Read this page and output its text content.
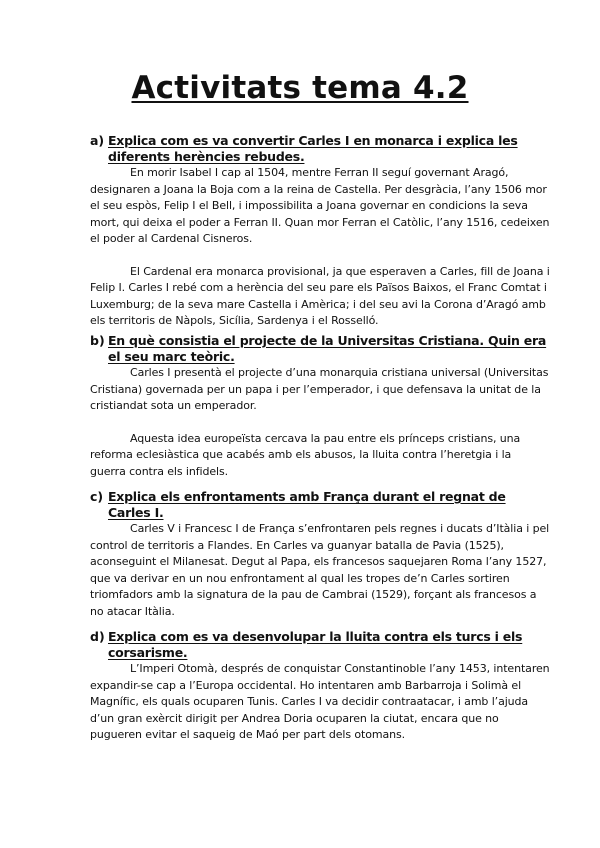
Activitats tema 4.2
a) Explica com es va convertir Carles I en monarca i explica les diferents herències rebudes.

En morir Isabel I cap al 1504, mentre Ferran II seguí governant Aragó, designaren a Joana la Boja com a la reina de Castella. Per desgràcia, l’any 1506 mor el seu espòs, Felip I el Bell, i impossibilita a Joana governar en condicions la seva mort, qui deixa el poder a Ferran II. Quan mor Ferran el Catòlic, l’any 1516, cedeixen el poder al Cardenal Cisneros.

El Cardenal era monarca provisional, ja que esperaven a Carles, fill de Joana i Felip I. Carles I rebé com a herència del seu pare els Països Baixos, el Franc Comtat i Luxemburg; de la seva mare Castella i Amèrica; i del seu avi la Corona d’Aragó amb els territoris de Nàpols, Sicília, Sardenya i el Rosselló.

b) En què consistia el projecte de la Universitas Cristiana. Quin era el seu marc teòric.

Carles I presentà el projecte d’una monarquia cristiana universal (Universitas Cristiana) governada per un papa i per l’emperador, i que defensava la unitat de la cristiandat sota un emperador.

Aquesta idea europeïsta cercava la pau entre els prínceps cristians, una reforma eclesiàstica que acabés amb els abusos, la lluita contra l’heretgia i la guerra contra els infidels.

c) Explica els enfrontaments amb França durant el regnat de Carles I.

Carles V i Francesc I de França s’enfrontaren pels regnes i ducats d’Itàlia i pel control de territoris a Flandes. En Carles va guanyar batalla de Pavia (1525), aconseguint el Milanesat. Degut al Papa, els francesos saquejaren Roma l’any 1527, que va derivar en un nou enfrontament al qual les tropes de’n Carles sortiren triomfadors amb la signatura de la pau de Cambrai (1529), forçant als francesos a no atacar Itàlia.

d) Explica com es va desenvolupar la lluita contra els turcs i els corsarisme.

L’Imperi Otomà, després de conquistar Constantinoble l’any 1453, intentaren expandir-se cap a l’Europa occidental. Ho intentaren amb Barbarroja i Solimà el Magnífic, els quals ocuparen Tunis. Carles I va decidir contraatacar, i amb l’ajuda d’un gran exèrcit dirigit per Andrea Doria ocuparen la ciutat, encara que no pugueren evitar el saqueig de Maó per part dels otomans.
